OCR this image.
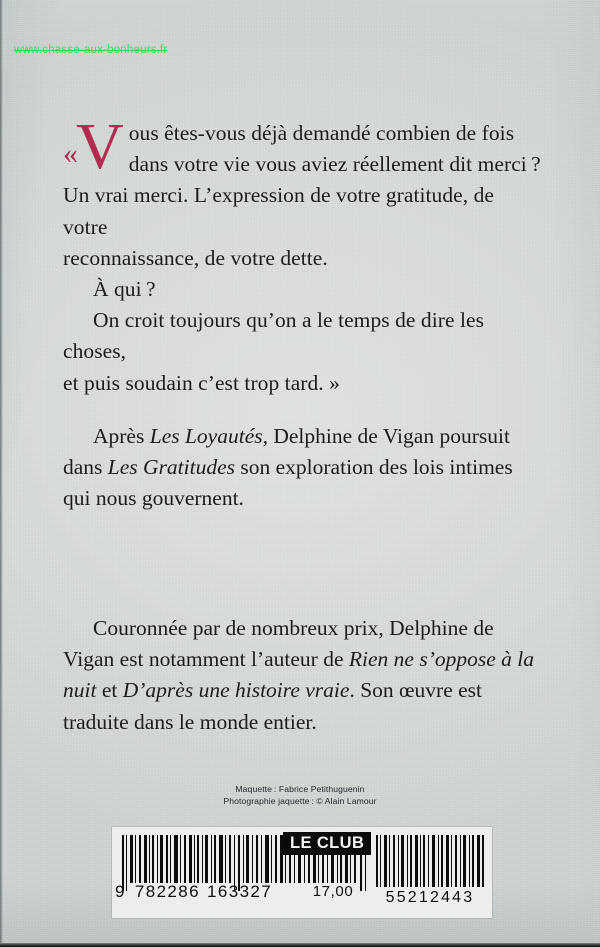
www.chasse-aux-bonheurs.fr
« V ous êtes-vous déjà demandé combien de fois

dans votre vie vous aviez réellement dit merci ?

Un vrai merci. L’expression de votre gratitude, de votre

reconnaissance, de votre dette.

À qui ?

On croit toujours qu’on a le temps de dire les choses,

et puis soudain c’est trop tard. »

Après Les Loyautés, Delphine de Vigan poursuit dans Les Gratitudes son exploration des lois intimes qui nous gouvernent.

Couronnée par de nombreux prix, Delphine de Vigan est notamment l’auteur de Rien ne s’oppose à la nuit et D’après une histoire vraie. Son œuvre est traduite dans le monde entier.

Maquette : Fabrice Petithuguenin
Photographie jaquette : © Alain Lamour
9 782286 163327
LE CLUB
17,00	55212443
